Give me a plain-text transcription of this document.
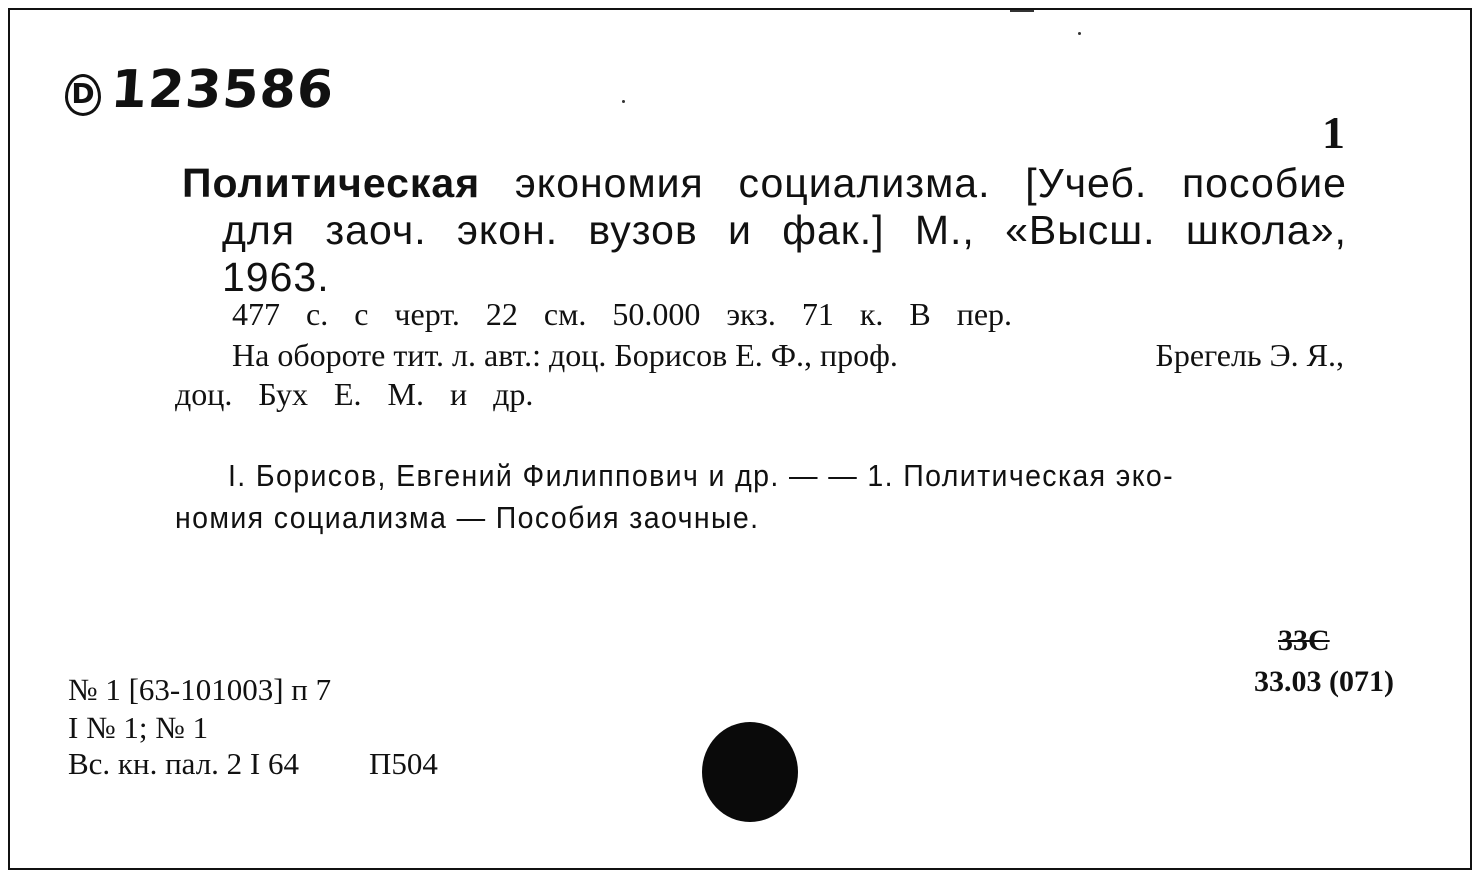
D 123586
1
Политическая экономия социализма. [Учеб. пособие
для заоч. экон. вузов и фак.] М., «Высш. школа»,
1963.
477 с. с черт. 22 см. 50.000 экз. 71 к. В пер.
На обороте тит. л. авт.: доц. Борисов Е. Ф., проф.	Брегель Э. Я.,
доц. Бух Е. М. и др.
I. Борисов, Евгений Филиппович и др. — — 1. Политическая эко-
номия социализма — Пособия заочные.
№ 1 [63-101003] п 7
I № 1; № 1
Вс. кн. пал. 2 I 64 П504
33С
33.03 (071)
